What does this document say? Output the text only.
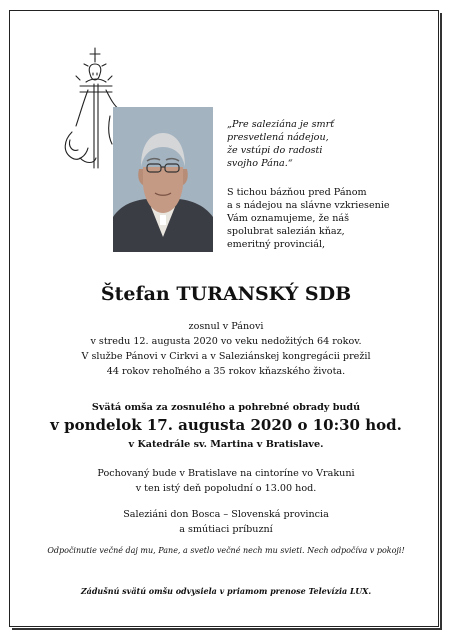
„Pre saleziána je smrť
presvetlená nádejou,
že vstúpi do radosti
svojho Pána.“
S tichou bázňou pred Pánom
a s nádejou na slávne vzkriesenie
Vám oznamujeme, že náš
spolubrat salezián kňaz,
emeritný provinciál,
Štefan TURANSKÝ SDB
zosnul v Pánovi
v stredu 12. augusta 2020 vo veku nedožitých 64 rokov.
V službe Pánovi v Cirkvi a v Saleziánskej kongregácii prežil
44 rokov rehoľného a 35 rokov kňazského života.
Svätá omša za zosnulého a pohrebné obrady budú
v pondelok 17. augusta 2020 o 10:30 hod.
v Katedrále sv. Martina v Bratislave.
Pochovaný bude v Bratislave na cintoríne vo Vrakuni
v ten istý deň popoludní o 13.00 hod.
Saleziáni don Bosca – Slovenská provincia
a smútiaci príbuzní
Odpočinutie večné daj mu, Pane, a svetlo večné nech mu svieti. Nech odpočíva v pokoji!
Zádušnú svätú omšu odvysiela v priamom prenose Televízia LUX.
